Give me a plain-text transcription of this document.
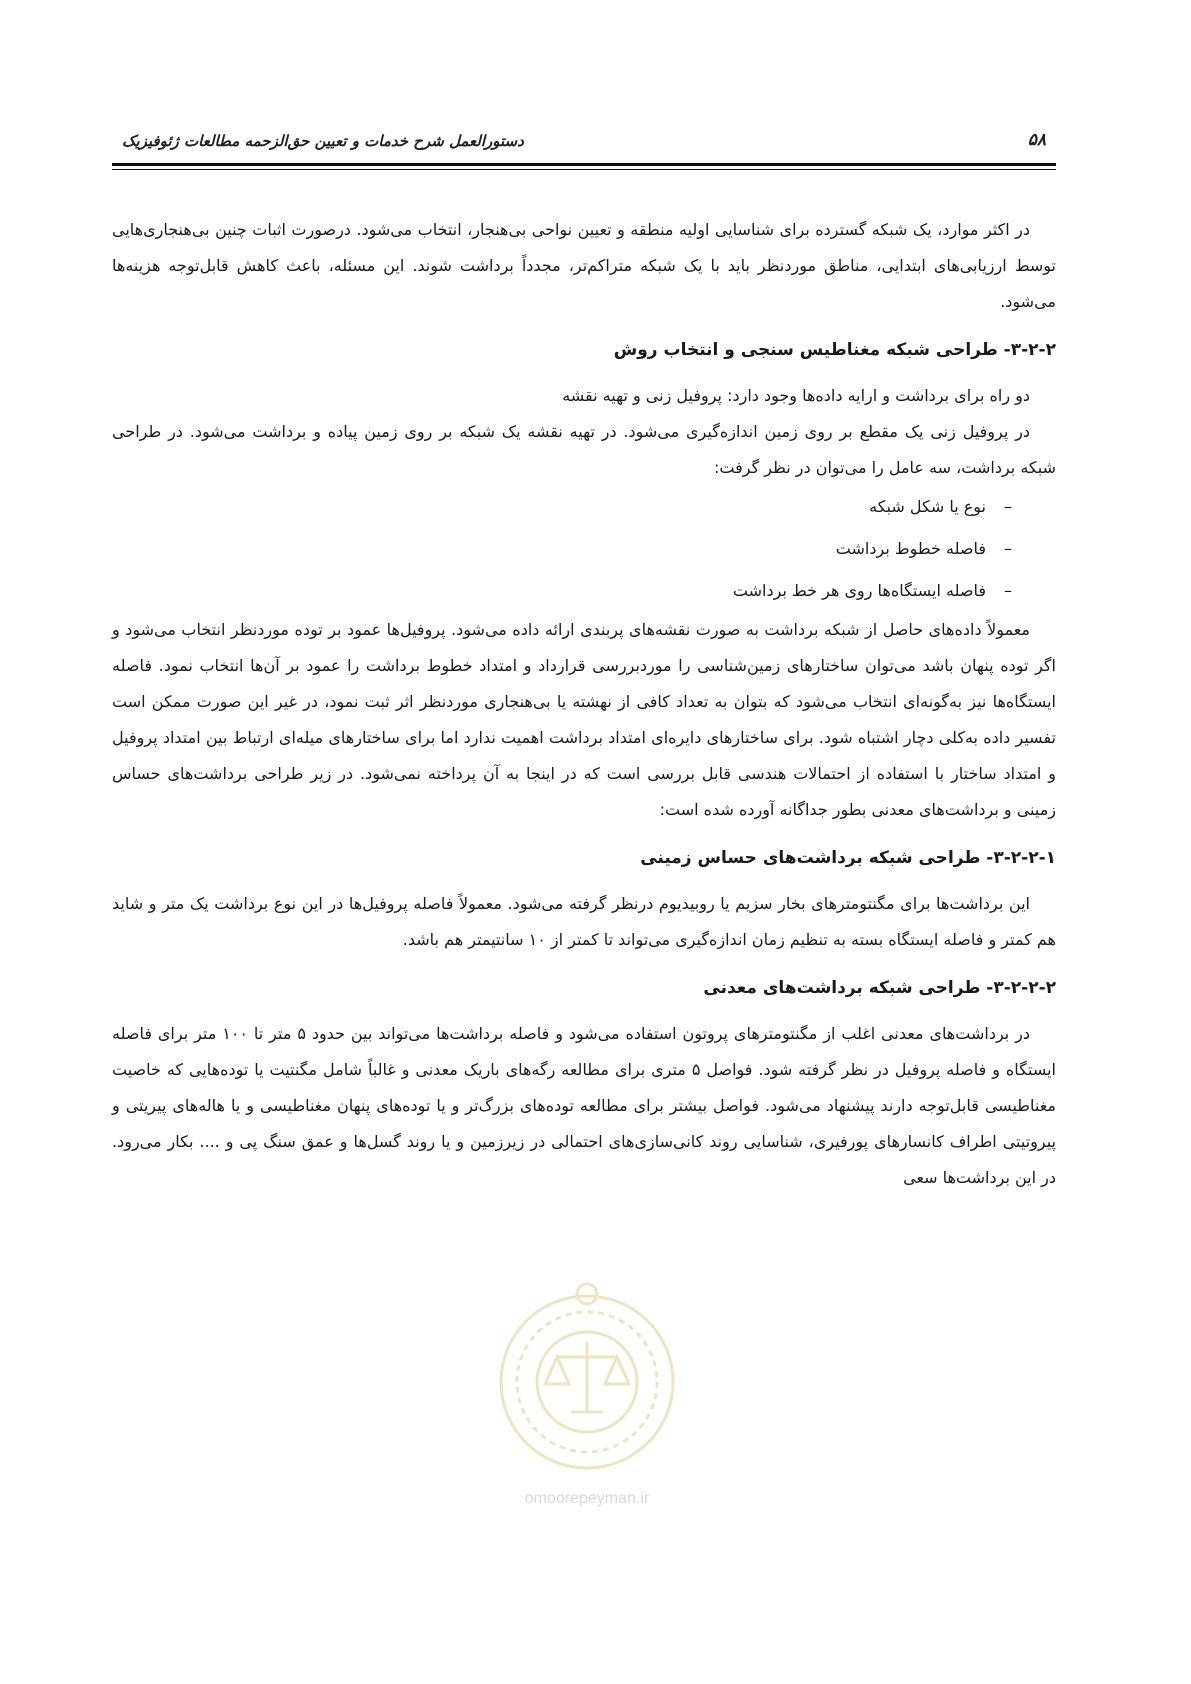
دستورالعمل شرح خدمات و تعیین حق‌الزحمه مطالعات ژئوفیزیک	۵۸

در اکثر موارد، یک شبکه گسترده برای شناسایی اولیه منطقه و تعیین نواحی بی‌هنجار، انتخاب می‌شود. درصورت اثبات چنین بی‌هنجاری‌هایی توسط ارزیابی‌های ابتدایی، مناطق موردنظر باید با یک شبکه متراکم‌تر، مجدداً برداشت شوند. این مسئله، باعث کاهش قابل‌توجه هزینه‌ها می‌شود.

۳-۲-۲- طراحی شبکه مغناطیس سنجی و انتخاب روش

دو راه برای برداشت و ارایه داده‌ها وجود دارد: پروفیل زنی و تهیه نقشه

در پروفیل زنی یک مقطع بر روی زمین اندازه‌گیری می‌شود. در تهیه نقشه یک شبکه بر روی زمین پیاده و برداشت می‌شود. در طراحی شبکه برداشت، سه عامل را می‌توان در نظر گرفت:

–نوع یا شکل شبکه
–فاصله خطوط برداشت
–فاصله ایستگاه‌ها روی هر خط برداشت

معمولاً داده‌های حاصل از شبکه برداشت به صورت نقشه‌های پربندی ارائه داده می‌شود. پروفیل‌ها عمود بر توده موردنظر انتخاب می‌شود و اگر توده پنهان باشد می‌توان ساختارهای زمین‌شناسی را موردبررسی قرارداد و امتداد خطوط برداشت را عمود بر آن‌ها انتخاب نمود. فاصله ایستگاه‌ها نیز به‌گونه‌ای انتخاب می‌شود که بتوان به تعداد کافی از نهشته یا بی‌هنجاری موردنظر اثر ثبت نمود، در غیر این صورت ممکن است تفسیر داده به‌کلی دچار اشتباه شود. برای ساختارهای دایره‌ای امتداد برداشت اهمیت ندارد اما برای ساختارهای میله‌ای ارتباط بین امتداد پروفیل و امتداد ساختار با استفاده از احتمالات هندسی قابل بررسی است که در اینجا به آن پرداخته نمی‌شود. در زیر طراحی برداشت‌های حساس زمینی و برداشت‌های معدنی بطور جداگانه آورده شده است:

۳-۲-۲-۱- طراحی شبکه برداشت‌های حساس زمینی

این برداشت‌ها برای مگنتومترهای بخار سزیم یا روبیدیوم درنظر گرفته می‌شود. معمولاً فاصله پروفیل‌ها در این نوع برداشت یک متر و شاید هم کمتر و فاصله ایستگاه بسته به تنظیم زمان اندازه‌گیری می‌تواند تا کمتر از ۱۰ سانتیمتر هم باشد.

۳-۲-۲-۲- طراحی شبکه برداشت‌های معدنی

در برداشت‌های معدنی اغلب از مگنتومترهای پروتون استفاده می‌شود و فاصله برداشت‌ها می‌تواند بین حدود ۵ متر تا ۱۰۰ متر برای فاصله ایستگاه و فاصله پروفیل در نظر گرفته شود. فواصل ۵ متری برای مطالعه رگه‌های باریک معدنی و غالباً شامل مگنتیت یا توده‌هایی که خاصیت مغناطیسی قابل‌توجه دارند پیشنهاد می‌شود. فواصل بیشتر برای مطالعه توده‌های بزرگ‌تر و یا توده‌های پنهان مغناطیسی و یا هاله‌های پیریتی و پیروتیتی اطراف کانسارهای پورفیری، شناسایی روند کانی‌سازی‌های احتمالی در زیرزمین و یا روند گسل‌ها و عمق سنگ پی و .... بکار می‌رود. در این برداشت‌ها سعی

omoorepeyman.ir
